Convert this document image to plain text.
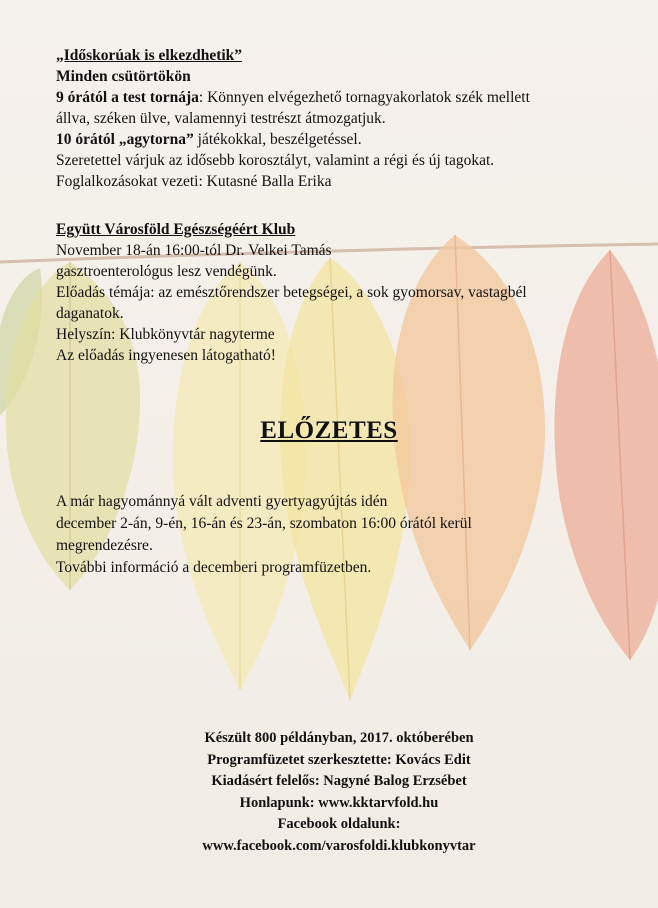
„Időskorúak is elkezdhetik”
Minden csütörtökön
9 órától a test tornája: Könnyen elvégezhető tornagyakorlatok szék mellett
állva, széken ülve, valamennyi testrészt átmozgatjuk.
10 órától „agytorna” játékokkal, beszélgetéssel.
Szeretettel várjuk az idősebb korosztályt, valamint a régi és új tagokat.
Foglalkozásokat vezeti: Kutasné Balla Erika
Együtt Városföld Egészségéért Klub
November 18-án 16:00-tól Dr. Velkei Tamás
gasztroenterológus lesz vendégünk.
Előadás témája: az emésztőrendszer betegségei, a sok gyomorsav, vastagbél
daganatok.
Helyszín: Klubkönyvtár nagyterme
Az előadás ingyenesen látogatható!
ELŐZETES
A már hagyománnyá vált adventi gyertyagyújtás idén
december 2-án, 9-én, 16-án és 23-án, szombaton 16:00 órától kerül
megrendezésre.
További információ a decemberi programfüzetben.
Készült 800 példányban, 2017. októberében
Programfüzetet szerkesztette: Kovács Edit
Kiadásért felelős: Nagyné Balog Erzsébet
Honlapunk: www.kktarvfold.hu
Facebook oldalunk:
www.facebook.com/varosfoldi.klubkonyvtar
